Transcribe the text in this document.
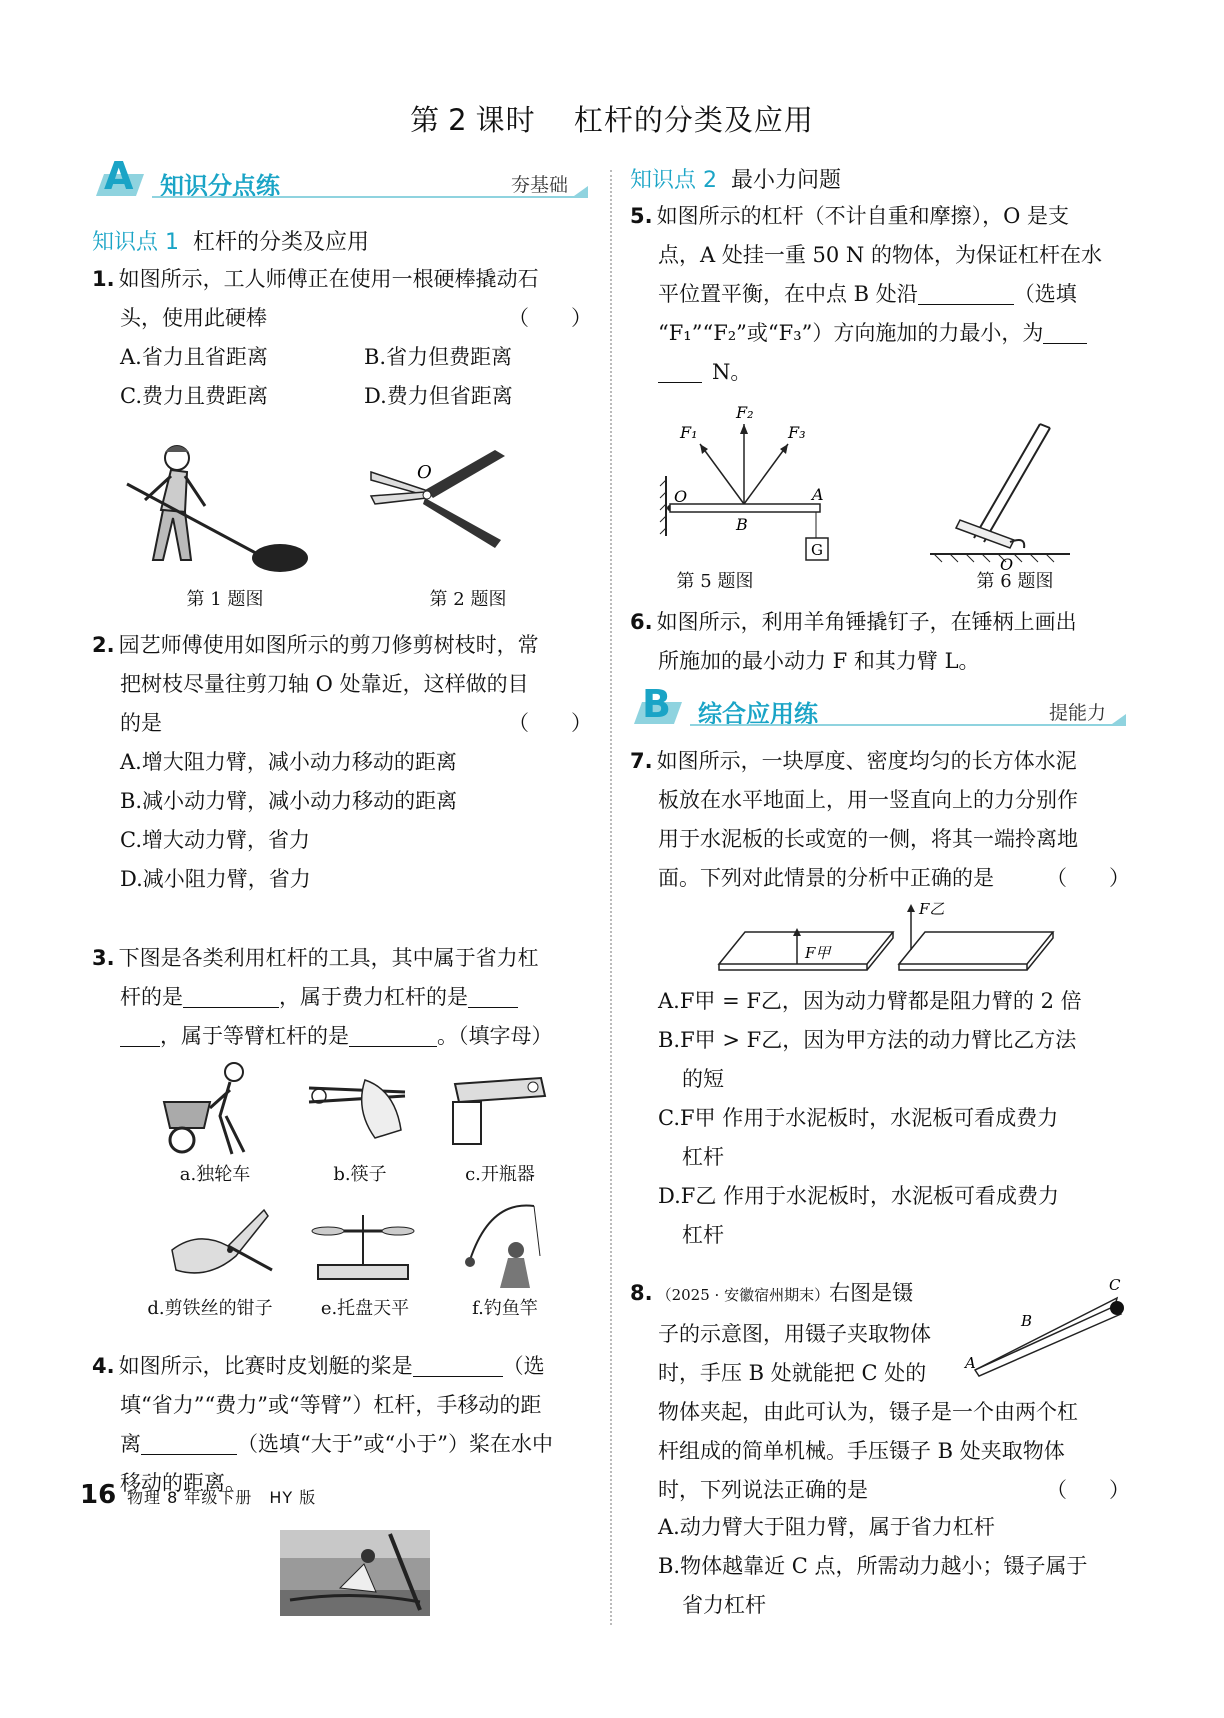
第 2 课时 杠杆的分类及应用
A 知识分点练	夯基础
知识点 1 杠杆的分类及应用
1. 如图所示，工人师傅正在使用一根硬棒撬动石
头，使用此硬棒	（　　）
A.省力且省距离	B.省力但费距离
C.费力且费距离	D.费力但省距离
第 1 题图
O
第 2 题图
2. 园艺师傅使用如图所示的剪刀修剪树枝时，常
把树枝尽量往剪刀轴 O 处靠近，这样做的目
的是	（　　）
A.增大阻力臂，减小动力移动的距离
B.减小动力臂，减小动力移动的距离
C.增大动力臂，省力
D.减小阻力臂，省力
3. 下图是各类利用杠杆的工具，其中属于省力杠
杆的是	，属于费力杠杆的是
，属于等臂杠杆的是	。（填字母）
a.独轮车	b.筷子	c.开瓶器
d.剪铁丝的钳子	e.托盘天平	f.钓鱼竿
4. 如图所示，比赛时皮划艇的桨是	（选
填“省力”“费力”或“等臂”）杠杆，手移动的距
离	（选填“大于”或“小于”）桨在水中
移动的距离。
知识点 2 最小力问题
5. 如图所示的杠杆（不计自重和摩擦），O 是支
点，A 处挂一重 50 N 的物体，为保证杠杆在水
平位置平衡，在中点 B 处沿	（选填
“F₁”“F₂”或“F₃”）方向施加的力最小，为
N。
G
F₁
F₂
F₃
O	A
B
第 5 题图
O
第 6 题图
6. 如图所示，利用羊角锤撬钉子，在锤柄上画出
所施加的最小动力 F 和其力臂 L。
B 综合应用练	提能力
7. 如图所示，一块厚度、密度均匀的长方体水泥
板放在水平地面上，用一竖直向上的力分别作
用于水泥板的长或宽的一侧，将其一端拎离地
面。下列对此情景的分析中正确的是 （　　）
F甲
F乙
A.F甲 = F乙，因为动力臂都是阻力臂的 2 倍
B.F甲 > F乙，因为甲方法的动力臂比乙方法
的短
C.F甲 作用于水泥板时，水泥板可看成费力
杠杆
D.F乙 作用于水泥板时，水泥板可看成费力
杠杆
8. （2025 · 安徽宿州期末）右图是镊
子的示意图，用镊子夹取物体
时，手压 B 处就能把 C 处的
物体夹起，由此可认为，镊子是一个由两个杠
杆组成的简单机械。手压镊子 B 处夹取物体
时，下列说法正确的是	（　　）
A
B
C
A.动力臂大于阻力臂，属于省力杠杆
B.物体越靠近 C 点，所需动力越小；镊子属于
省力杠杆
16 物理 8 年级下册　HY 版
